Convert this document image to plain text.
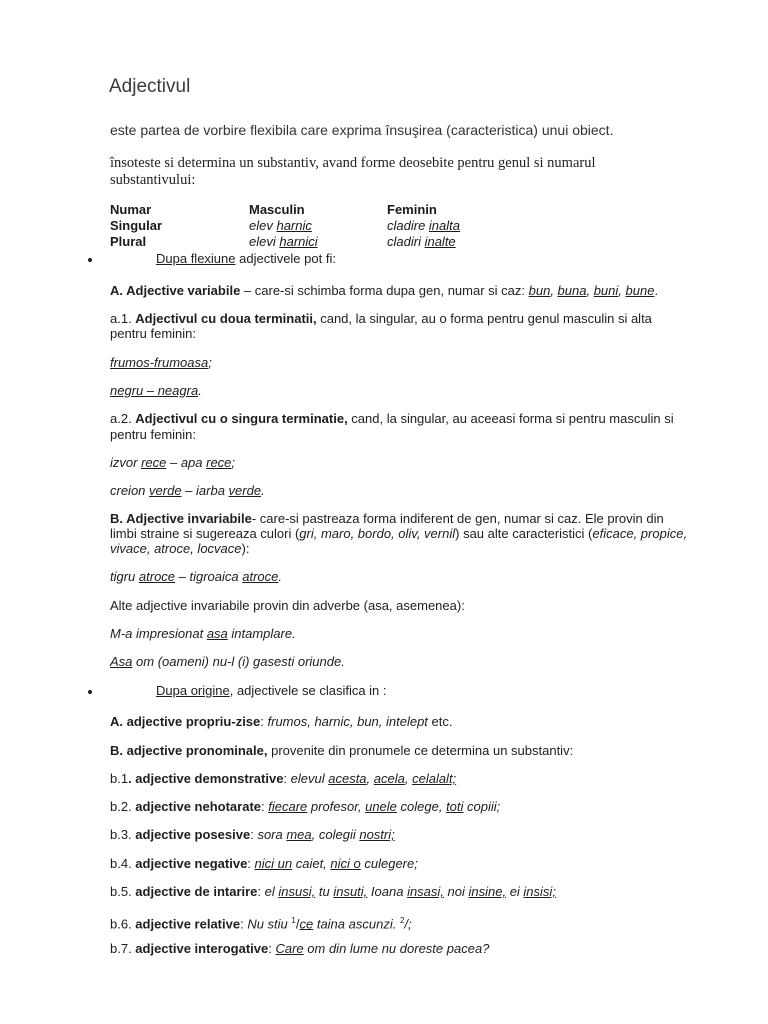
Adjectivul
este partea de vorbire flexibila care exprima însuşirea (caracteristica) unui obiect.
însoteste si determina un substantiv, avand forme deosebite pentru genul si numarul
substantivului:
Numar	Masculin	Feminin
Singular	elev harnic	cladire inalta
Plural	elevi harnici	cladiri inalte
Dupa flexiune adjectivele pot fi:
A. Adjective variabile – care-si schimba forma dupa gen, numar si caz: bun, buna, buni, bune.
a.1. Adjectivul cu doua terminatii, cand, la singular, au o forma pentru genul masculin si alta
pentru feminin:
frumos-frumoasa;
negru – neagra.
a.2. Adjectivul cu o singura terminatie, cand, la singular, au aceeasi forma si pentru masculin si
pentru feminin:
izvor rece – apa rece;
creion verde – iarba verde.
B. Adjective invariabile- care-si pastreaza forma indiferent de gen, numar si caz. Ele provin din
limbi straine si sugereaza culori (gri, maro, bordo, oliv, vernil) sau alte caracteristici (eficace, propice,
vivace, atroce, locvace):
tigru atroce – tigroaica atroce.
Alte adjective invariabile provin din adverbe (asa, asemenea):
M-a impresionat asa intamplare.
Asa om (oameni) nu-l (i) gasesti oriunde.
Dupa origine, adjectivele se clasifica in :
A. adjective propriu-zise: frumos, harnic, bun, intelept etc.
B. adjective pronominale, provenite din pronumele ce determina un substantiv:
b.1. adjective demonstrative: elevul acesta, acela, celalalt;
b.2. adjective nehotarate: fiecare profesor, unele colege, toti copiii;
b.3. adjective posesive: sora mea, colegii nostri;
b.4. adjective negative: nici un caiet, nici o culegere;
b.5. adjective de intarire: el insusi, tu insuti, Ioana insasi, noi insine, ei insisi;
b.6. adjective relative: Nu stiu $^1$/ce taina ascunzi. $^2$/;
b.7. adjective interogative: Care om din lume nu doreste pacea?
